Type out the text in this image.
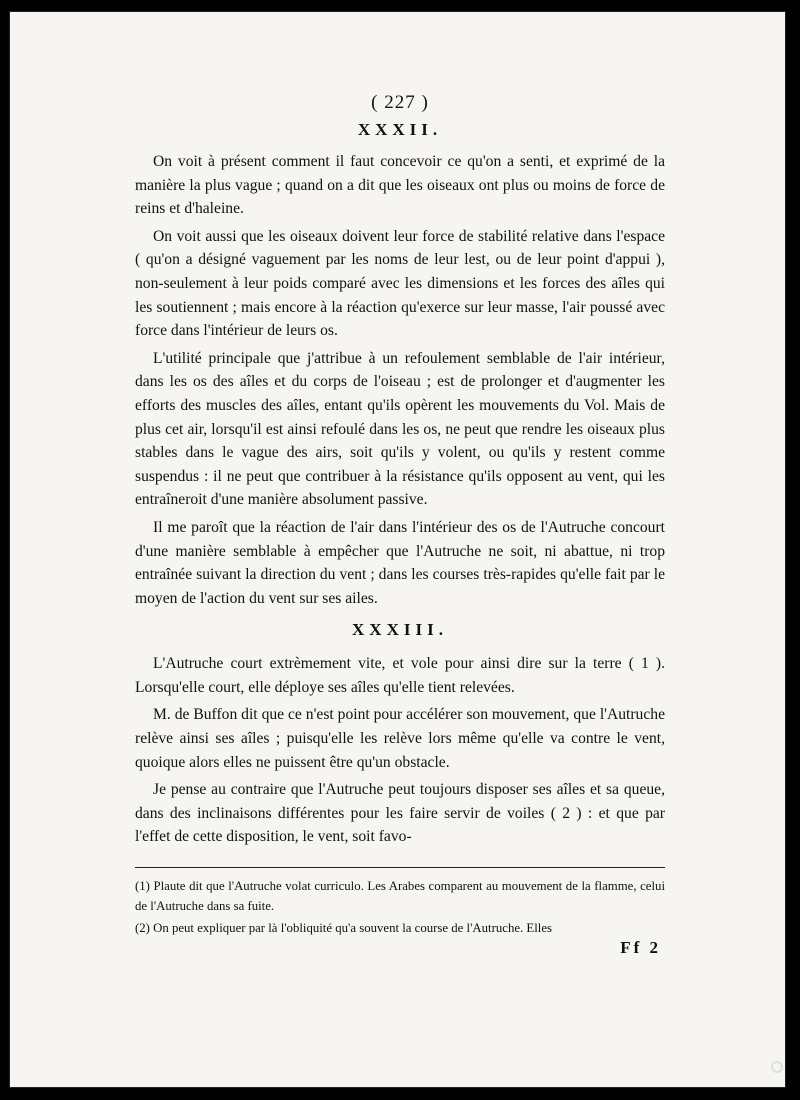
( 227 )
XXXII.

On voit à présent comment il faut concevoir ce qu'on a senti, et exprimé de la manière la plus vague ; quand on a dit que les oiseaux ont plus ou moins de force de reins et d'haleine.

On voit aussi que les oiseaux doivent leur force de stabilité relative dans l'espace ( qu'on a désigné vaguement par les noms de leur lest, ou de leur point d'appui ), non-seulement à leur poids comparé avec les dimensions et les forces des aîles qui les soutiennent ; mais encore à la réaction qu'exerce sur leur masse, l'air poussé avec force dans l'intérieur de leurs os.

L'utilité principale que j'attribue à un refoulement semblable de l'air intérieur, dans les os des aîles et du corps de l'oiseau ; est de prolonger et d'augmenter les efforts des muscles des aîles, entant qu'ils opèrent les mouvements du Vol. Mais de plus cet air, lorsqu'il est ainsi refoulé dans les os, ne peut que rendre les oiseaux plus stables dans le vague des airs, soit qu'ils y volent, ou qu'ils y restent comme suspendus : il ne peut que contribuer à la résistance qu'ils opposent au vent, qui les entraîneroit d'une manière absolument passive.

Il me paroît que la réaction de l'air dans l'intérieur des os de l'Autruche concourt d'une manière semblable à empêcher que l'Autruche ne soit, ni abattue, ni trop entraînée suivant la direction du vent ; dans les courses très-rapides qu'elle fait par le moyen de l'action du vent sur ses ailes.

XXXIII.

L'Autruche court extrèmement vite, et vole pour ainsi dire sur la terre ( 1 ). Lorsqu'elle court, elle déploye ses aîles qu'elle tient relevées.

M. de Buffon dit que ce n'est point pour accélérer son mouvement, que l'Autruche relève ainsi ses aîles ; puisqu'elle les relève lors même qu'elle va contre le vent, quoique alors elles ne puissent être qu'un obstacle.

Je pense au contraire que l'Autruche peut toujours disposer ses aîles et sa queue, dans des inclinaisons différentes pour les faire servir de voiles ( 2 ) : et que par l'effet de cette disposition, le vent, soit favo-

(1) Plaute dit que l'Autruche volat curriculo. Les Arabes comparent au mouvement de la flamme, celui de l'Autruche dans sa fuite.

(2) On peut expliquer par là l'obliquité qu'a souvent la course de l'Autruche. Elles

Ff 2
